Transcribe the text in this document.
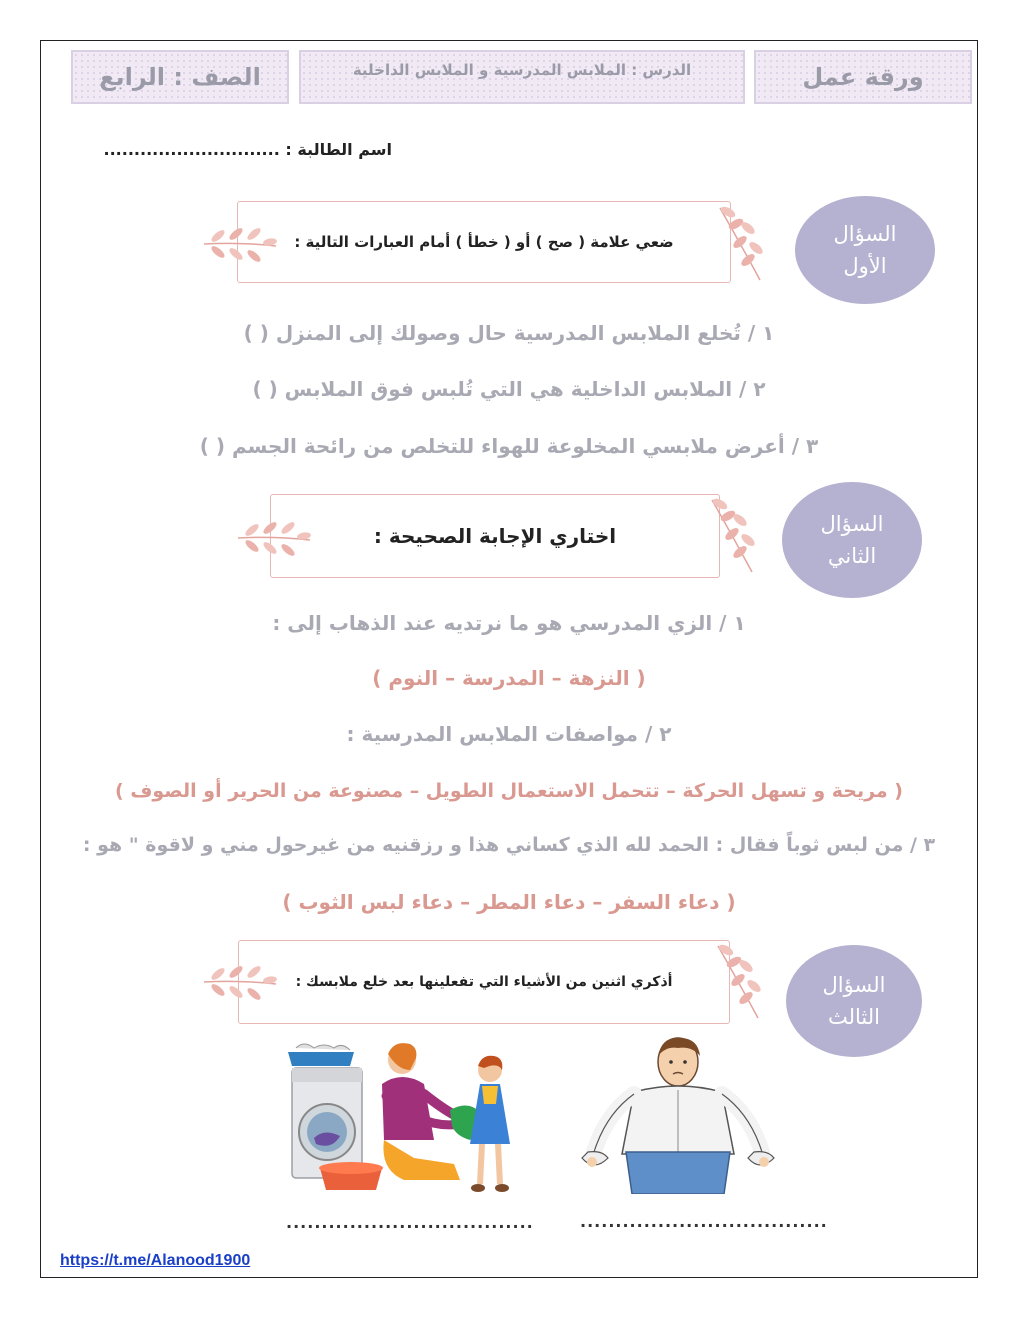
ورقة عمل
الدرس : الملابس المدرسية و الملابس الداخلية
الصف : الرابع
اسم الطالبة : .............................
السؤال
الأول
ضعي علامة ( صح ) أو ( خطأ ) أمام العبارات التالية :
١ / تُخلع الملابس المدرسية حال وصولك إلى المنزل ( )
٢ / الملابس الداخلية هي التي تُلبس فوق الملابس ( )
٣ / أعرض ملابسي المخلوعة للهواء للتخلص من رائحة الجسم ( )
السؤال
الثاني
اختاري الإجابة الصحيحة :
١ / الزي المدرسي هو ما نرتديه عند الذهاب إلى :
( النزهة – المدرسة – النوم )
٢ / مواصفات الملابس المدرسية :
( مريحة و تسهل الحركة – تتحمل الاستعمال الطويل – مصنوعة من الحرير أو الصوف )
٣ / من لبس ثوباً فقال : الحمد لله الذي كساني هذا و رزقنيه من غيرحول مني و لاقوة " هو :
( دعاء السفر – دعاء المطر – دعاء لبس الثوب )
السؤال
الثالث
أذكري اثنين من الأشياء التي تفعلينها بعد خلع ملابسك :
...................................	...................................
https://t.me/Alanood1900
